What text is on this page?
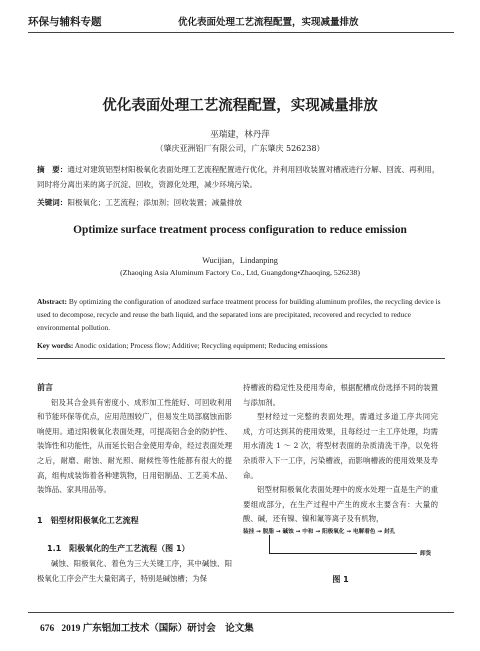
环保与辅料专题	优化表面处理工艺流程配置，实现减量排放
优化表面处理工艺流程配置，实现减量排放
巫瑞建，林丹萍
（肇庆亚洲铝厂有限公司，广东肇庆 526238）
摘　要：通过对建筑铝型材阳极氧化表面处理工艺流程配置进行优化，并利用回收装置对槽液进行分解、回流、再利用，同时将分离出来的离子沉淀、回收，资源化处理，减少环境污染。
关键词：阳极氧化；工艺流程；添加剂；回收装置；减量排放
Optimize surface treatment process configuration to reduce emission
Wucijian，Lindanping
(Zhaoqing Asia Aluminum Factory Co., Ltd, Guangdong•Zhaoqing, 526238)
Abstract: By optimizing the configuration of anodized surface treatment process for building aluminum profiles, the recycling device is used to decompose, recycle and reuse the bath liquid, and the separated ions are precipitated, recovered and recycled to reduce environmental pollution.
Key words: Anodic oxidation; Process flow; Additive; Recycling equipment; Reducing emissions
前言

铝及其合金具有密度小、成形加工性能好、可回收利用和节能环保等优点，应用范围较广，但易发生局部腐蚀而影响使用。通过阳极氧化表面处理，可提高铝合金的防护性、装饰性和功能性，从而延长铝合金使用寿命，经过表面处理之后，耐磨、耐蚀、耐光照、耐候性等性能都有很大的提高，组构成装饰着各种建筑物，日用铝制品、工艺美术品、装饰品、家具用品等。

1　铝型材阳极氧化工艺流程
1.1　阳极氧化的生产工艺流程（图 1）

碱蚀、阳极氧化、着色为三大关键工序，其中碱蚀、阳极氧化工序会产生大量铝离子，特别是碱蚀槽；为保

持槽液的稳定性及使用寿命，根据配槽成份选择不同的装置与添加剂。

型材经过一完整的表面处理，需通过多道工序共同完成，方可达到其的使用效果，且每经过一主工序处理，均需用水清洗 1 ～ 2 次，将型材表面的杂质清洗干净，以免将杂质带入下一工序，污染槽液，而影响槽液的使用效果及寿命。

铝型材阳极氧化表面处理中的废水处理一直是生产的重要组成部分，在生产过程中产生的废水主要含有：大量的酸、碱，还有镍、镍和氟等离子及有机物，

装挂 → 脱脂 → 碱蚀 → 中和 → 阳极氧化 → 电解着色 → 封孔
卸货
图 1
676 2019 广东铝加工技术（国际）研讨会　论文集
